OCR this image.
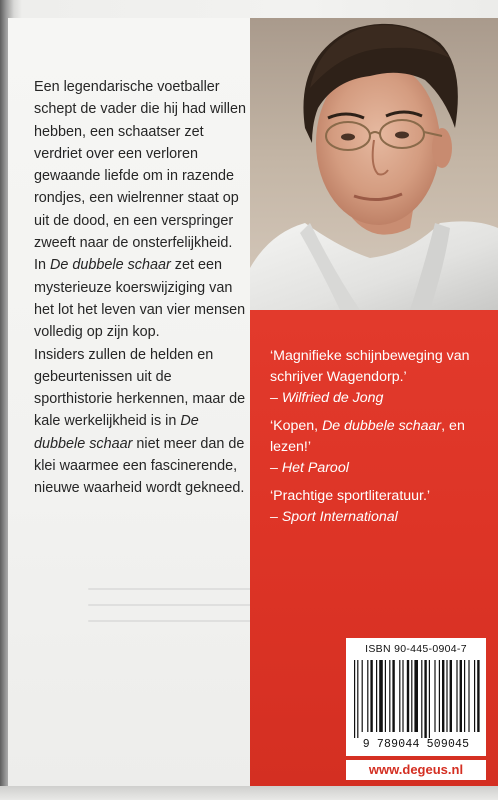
Een legendarische voetballer schept de vader die hij had willen hebben, een schaatser zet verdriet over een verloren gewaande liefde om in razende rondjes, een wielrenner staat op uit de dood, en een verspringer zweeft naar de onsterfelijkheid. In De dubbele schaar zet een mysterieuze koerswijziging van het lot het leven van vier mensen volledig op zijn kop.

Insiders zullen de helden en gebeurtenissen uit de sporthistorie herkennen, maar de kale werkelijkheid is in De dubbele schaar niet meer dan de klei waarmee een fascinerende, nieuwe waarheid wordt gekneed.

‘Magnifieke schijnbeweging van schrijver Wagendorp.’

– Wilfried de Jong

‘Kopen, De dubbele schaar, en lezen!’

– Het Parool

‘Prachtige sportliteratuur.’

– Sport International

ISBN 90-445-0904-7
9 789044 509045
www.degeus.nl
